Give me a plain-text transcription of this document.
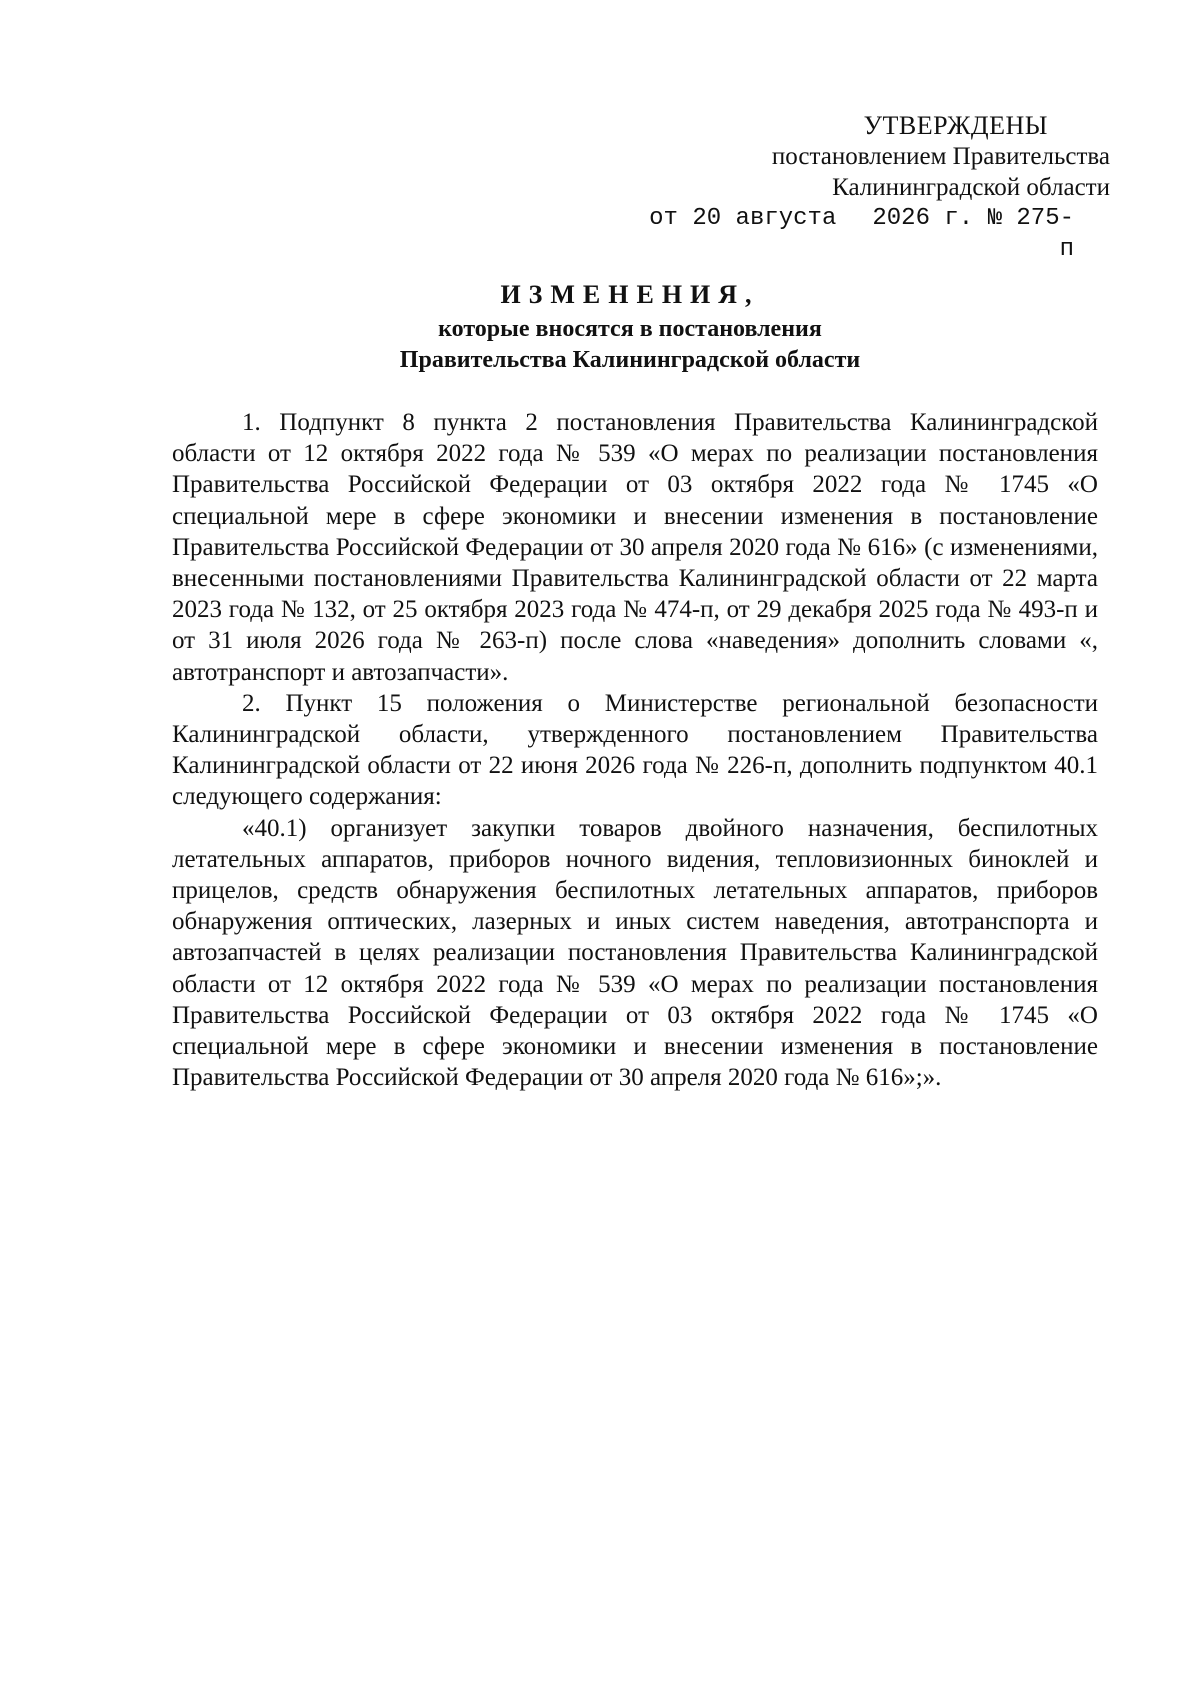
УТВЕРЖДЕНЫ
постановлением Правительства
Калининградской области
от 20 августа 2026 г. № 275-п
ИЗМЕНЕНИЯ,
которые вносятся в постановления
Правительства Калининградской области

1. Подпункт 8 пункта 2 постановления Правительства Калининградской области от 12 октября 2022 года № 539 «О мерах по реализации постановления Правительства Российской Федерации от 03 октября 2022 года № 1745 «О специальной мере в сфере экономики и внесении изменения в постановление Правительства Российской Федерации от 30 апреля 2020 года № 616» (с изменениями, внесенными постановлениями Правительства Калининградской области от 22 марта 2023 года № 132, от 25 октября 2023 года № 474-п, от 29 декабря 2025 года № 493-п и от 31 июля 2026 года № 263-п) после слова «наведения» дополнить словами «, автотранспорт и автозапчасти».

2. Пункт 15 положения о Министерстве региональной безопасности Калининградской области, утвержденного постановлением Правительства Калининградской области от 22 июня 2026 года № 226-п, дополнить подпунктом 40.1 следующего содержания:

«40.1) организует закупки товаров двойного назначения, беспилотных летательных аппаратов, приборов ночного видения, тепловизионных биноклей и прицелов, средств обнаружения беспилотных летательных аппаратов, приборов обнаружения оптических, лазерных и иных систем наведения, автотранспорта и автозапчастей в целях реализации постановления Правительства Калининградской области от 12 октября 2022 года № 539 «О мерах по реализации постановления Правительства Российской Федерации от 03 октября 2022 года № 1745 «О специальной мере в сфере экономики и внесении изменения в постановление Правительства Российской Федерации от 30 апреля 2020 года № 616»;».
